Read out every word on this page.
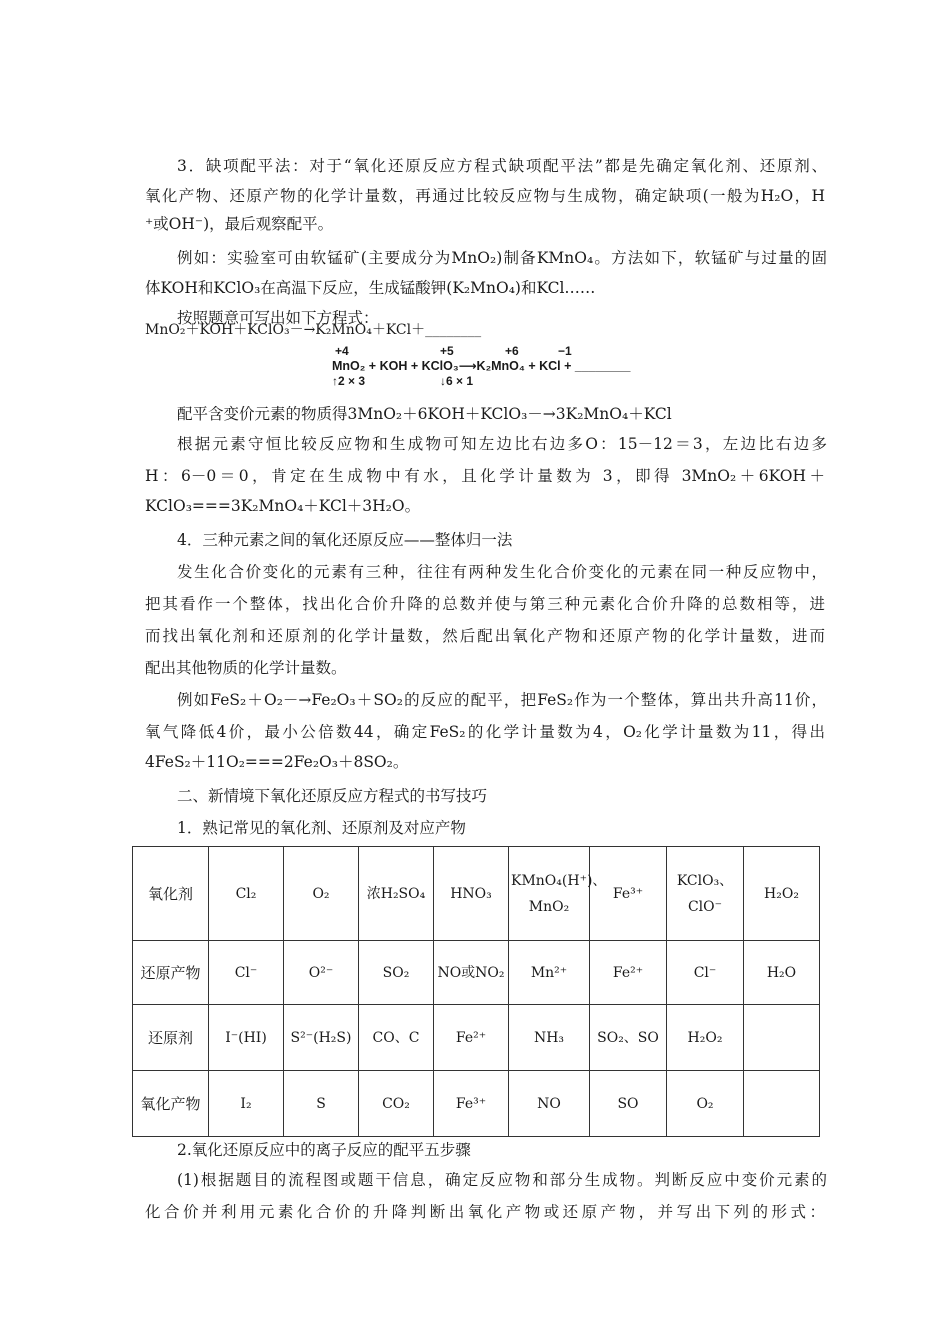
3．缺项配平法：对于“氧化还原反应方程式缺项配平法”都是先确定氧化剂、还原剂、
氧化产物、还原产物的化学计量数，再通过比较反应物与生成物，确定缺项(一般为H₂O，H
⁺或OH⁻)，最后观察配平。
例如：实验室可由软锰矿(主要成分为MnO₂)制备KMnO₄。方法如下，软锰矿与过量的固
体KOH和KClO₃在高温下反应，生成锰酸钾(K₂MnO₄)和KCl……
按照题意可写出如下方程式：
MnO₂＋KOH＋KClO₃－→K₂MnO₄＋KCl＋________
+4	+5	+6	−1
MnO₂ + KOH + KClO₃⟶K₂MnO₄ + KCl + ________
↑2 × 3	↓6 × 1
配平含变价元素的物质得3MnO₂＋6KOH＋KClO₃－→3K₂MnO₄＋KCl
根据元素守恒比较反应物和生成物可知左边比右边多O：15－12＝3，左边比右边多
H：6－0＝0，肯定在生成物中有水，且化学计量数为 3，即得 3MnO₂＋6KOH＋
KClO₃===3K₂MnO₄＋KCl＋3H₂O。
4．三种元素之间的氧化还原反应——整体归一法
发生化合价变化的元素有三种，往往有两种发生化合价变化的元素在同一种反应物中，
把其看作一个整体，找出化合价升降的总数并使与第三种元素化合价升降的总数相等，进
而找出氧化剂和还原剂的化学计量数，然后配出氧化产物和还原产物的化学计量数，进而
配出其他物质的化学计量数。
例如FeS₂＋O₂－→Fe₂O₃＋SO₂的反应的配平，把FeS₂作为一个整体，算出共升高11价，
氧气降低4价，最小公倍数44，确定FeS₂的化学计量数为4，O₂化学计量数为11，得出
4FeS₂＋11O₂===2Fe₂O₃＋8SO₂。
二、新情境下氧化还原反应方程式的书写技巧
1．熟记常见的氧化剂、还原剂及对应产物
氧化剂	Cl₂	O₂	浓H₂SO₄	HNO₃	KMnO₄(H⁺)、MnO₂	Fe³⁺	KClO₃、ClO⁻	H₂O₂
还原产物	Cl⁻	O²⁻	SO₂	NO或NO₂	Mn²⁺	Fe²⁺	Cl⁻	H₂O
还原剂	I⁻(HI)	S²⁻(H₂S)	CO、C	Fe²⁺	NH₃	SO₂、SO	H₂O₂	
氧化产物	I₂	S	CO₂	Fe³⁺	NO	SO	O₂	
2.氧化还原反应中的离子反应的配平五步骤
(1)根据题目的流程图或题干信息，确定反应物和部分生成物。判断反应中变价元素的
化合价并利用元素化合价的升降判断出氧化产物或还原产物，并写出下列的形式：
